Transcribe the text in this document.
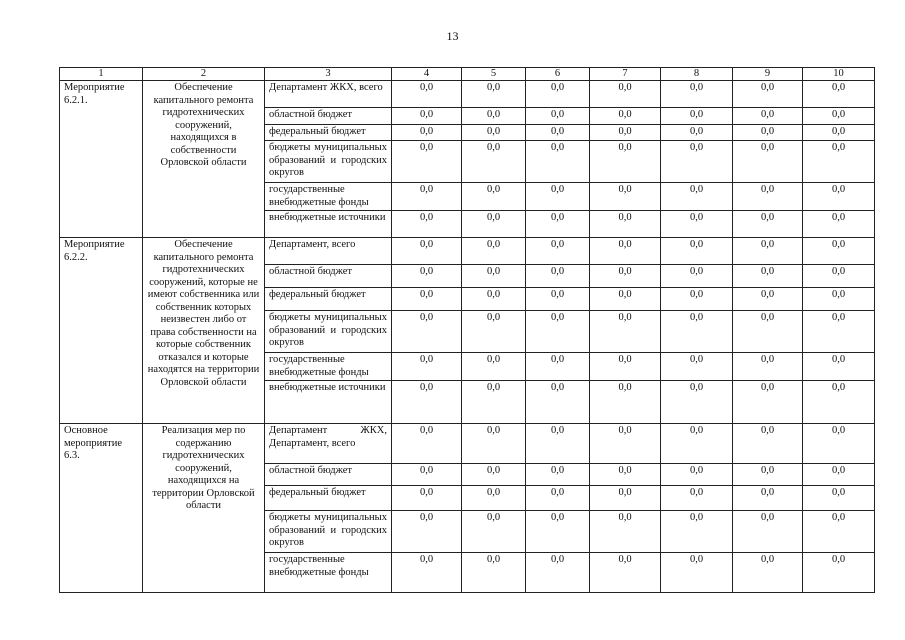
13
1	2	3	4	5	6	7	8	9	10
Мероприятие 6.2.1.	Обеспечение капитального ремонта гидротехнических сооружений, находящихся в собственности Орловской области	Департамент ЖКХ, всего	0,0	0,0	0,0	0,0	0,0	0,0	0,0
		областной бюджет	0,0	0,0	0,0	0,0	0,0	0,0	0,0
		федеральный бюджет	0,0	0,0	0,0	0,0	0,0	0,0	0,0
		бюджеты муниципальных образований и городских округов	0,0	0,0	0,0	0,0	0,0	0,0	0,0
		государственные внебюджетные фонды	0,0	0,0	0,0	0,0	0,0	0,0	0,0
		внебюджетные источники	0,0	0,0	0,0	0,0	0,0	0,0	0,0
Мероприятие 6.2.2.	Обеспечение капитального ремонта гидротехнических сооружений, которые не имеют собственника или собственник которых неизвестен либо от права собственности на которые собственник отказался и которые находятся на территории Орловской области	Департамент, всего	0,0	0,0	0,0	0,0	0,0	0,0	0,0
		областной бюджет	0,0	0,0	0,0	0,0	0,0	0,0	0,0
		федеральный бюджет	0,0	0,0	0,0	0,0	0,0	0,0	0,0
		бюджеты муниципальных образований и городских округов	0,0	0,0	0,0	0,0	0,0	0,0	0,0
		государственные внебюджетные фонды	0,0	0,0	0,0	0,0	0,0	0,0	0,0
		внебюджетные источники	0,0	0,0	0,0	0,0	0,0	0,0	0,0
Основное мероприятие 6.3.	Реализация мер по содержанию гидротехнических сооружений, находящихся на территории Орловской области	Департамент ЖКХ, Департамент, всего	0,0	0,0	0,0	0,0	0,0	0,0	0,0
		областной бюджет	0,0	0,0	0,0	0,0	0,0	0,0	0,0
		федеральный бюджет	0,0	0,0	0,0	0,0	0,0	0,0	0,0
		бюджеты муниципальных образований и городских округов	0,0	0,0	0,0	0,0	0,0	0,0	0,0
		государственные внебюджетные фонды	0,0	0,0	0,0	0,0	0,0	0,0	0,0
